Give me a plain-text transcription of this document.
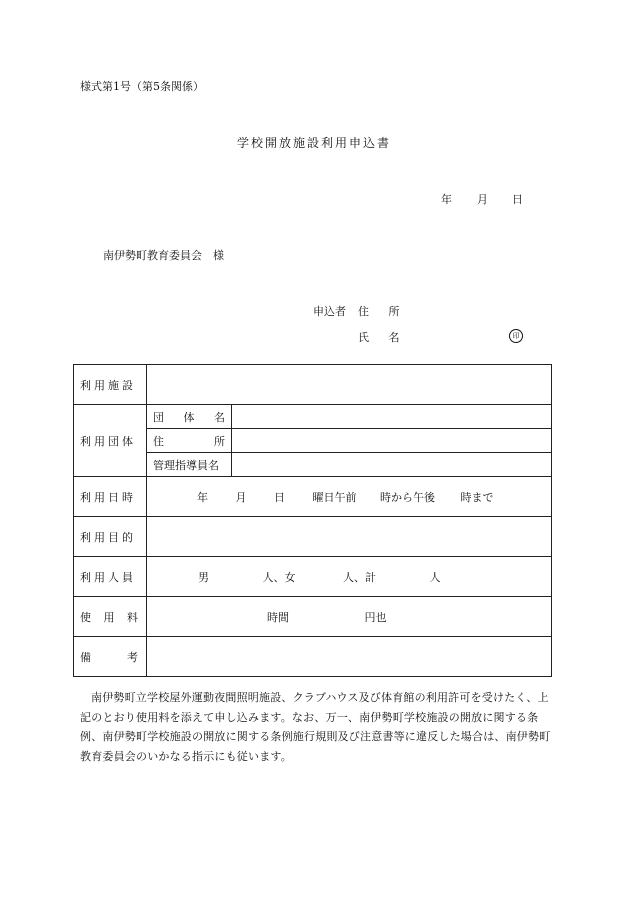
様式第1号（第5条関係）
学校開放施設利用申込書
年 月 日
南伊勢町教育委員会　様
申込者 住 所
氏 名	印
利用施設		
利用団体	団 体 名	

	住 所	

	管理指導員名	
利用日時	年 月 日 曜日午前 時から午後 時まで	
利用目的		
利用人員	男 人、女 人、計 人	

使 用 料	時間 円也	

備 考		

南伊勢町立学校屋外運動夜間照明施設、クラブハウス及び体育館の利用許可を受けたく、上記のとおり使用料を添えて申し込みます。なお、万一、南伊勢町学校施設の開放に関する条例、南伊勢町学校施設の開放に関する条例施行規則及び注意書等に違反した場合は、南伊勢町教育委員会のいかなる指示にも従います。
